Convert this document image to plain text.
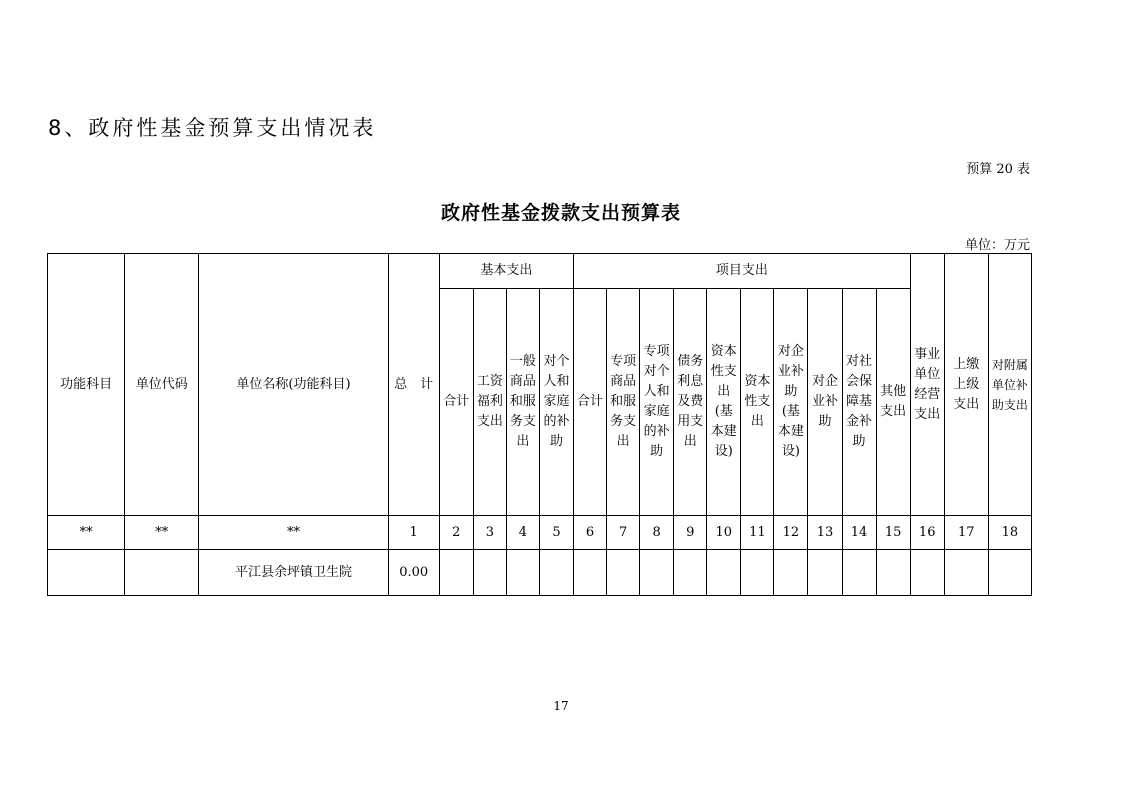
8、政府性基金预算支出情况表
预算 20 表
政府性基金拨款支出预算表
单位：万元
功能科目	单位代码	单位名称(功能科目)	总　计	基本支出				项目支出										事业单位经营支出	上缴上级支出	对附属单位补助支出
				合计	工资福利支出	一般商品和服务支出	对个人和家庭的补助	合计	专项商品和服务支出	专项对个人和家庭的补助	债务利息及费用支出	资本性支出(基本建设)	资本性支出	对企业补助(基本建设)	对企业补助	对社会保障基金补助	其他支出			
**	**	**	1	2	3	4	5	6	7	8	9	10	11	12	13	14	15	16	17	18
		平江县余坪镇卫生院	0.00																	
17
